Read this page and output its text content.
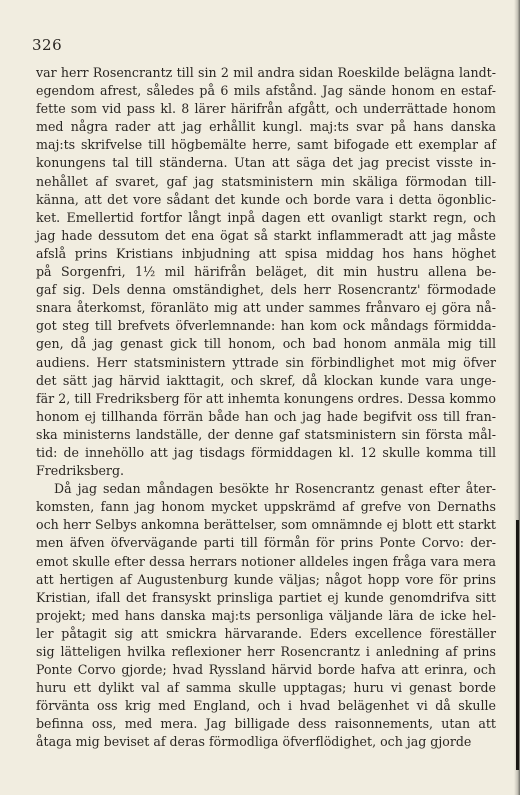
326
var herr Rosencrantz till sin 2 mil andra sidan Roeskilde belägna landt-
egendom afrest, således på 6 mils afstånd. Jag sände honom en estaf-
fette som vid pass kl. 8 lärer härifrån afgått, och underrättade honom
med några rader att jag erhållit kungl. maj:ts svar på hans danska
maj:ts skrifvelse till högbemälte herre, samt bifogade ett exemplar af
konungens tal till ständerna. Utan att säga det jag precist visste in-
nehållet af svaret, gaf jag statsministern min skäliga förmodan till-
känna, att det vore sådant det kunde och borde vara i detta ögonblic-
ket. Emellertid fortfor långt inpå dagen ett ovanligt starkt regn, och
jag hade dessutom det ena ögat så starkt inflammeradt att jag måste
afslå prins Kristians inbjudning att spisa middag hos hans höghet
på Sorgenfri, 1½ mil härifrån beläget, dit min hustru allena be-
gaf sig. Dels denna omständighet, dels herr Rosencrantz' förmodade
snara återkomst, föranläto mig att under sammes frånvaro ej göra nå-
got steg till brefvets öfverlemnande: han kom ock måndags förmidda-
gen, då jag genast gick till honom, och bad honom anmäla mig till
audiens. Herr statsministern yttrade sin förbindlighet mot mig öfver
det sätt jag härvid iakttagit, och skref, då klockan kunde vara unge-
fär 2, till Fredriksberg för att inhemta konungens ordres. Dessa kommo
honom ej tillhanda förrän både han och jag hade begifvit oss till fran-
ska ministerns landställe, der denne gaf statsministern sin första mål-
tid: de innehöllo att jag tisdags förmiddagen kl. 12 skulle komma till
Fredriksberg.
Då jag sedan måndagen besökte hr Rosencrantz genast efter åter-
komsten, fann jag honom mycket uppskrämd af grefve von Dernaths
och herr Selbys ankomna berättelser, som omnämnde ej blott ett starkt
men äfven öfvervägande parti till förmån för prins Ponte Corvo: der-
emot skulle efter dessa herrars notioner alldeles ingen fråga vara mera
att hertigen af Augustenburg kunde väljas; något hopp vore för prins
Kristian, ifall det fransyskt prinsliga partiet ej kunde genomdrifva sitt
projekt; med hans danska maj:ts personliga väljande lära de icke hel-
ler påtagit sig att smickra härvarande. Eders excellence föreställer
sig lätteligen hvilka reflexioner herr Rosencrantz i anledning af prins
Ponte Corvo gjorde; hvad Ryssland härvid borde hafva att erinra, och
huru ett dylikt val af samma skulle upptagas; huru vi genast borde
förvänta oss krig med England, och i hvad belägenhet vi då skulle
befinna oss, med mera. Jag billigade dess raisonnements, utan att
åtaga mig beviset af deras förmodliga öfverflödighet, och jag gjorde
